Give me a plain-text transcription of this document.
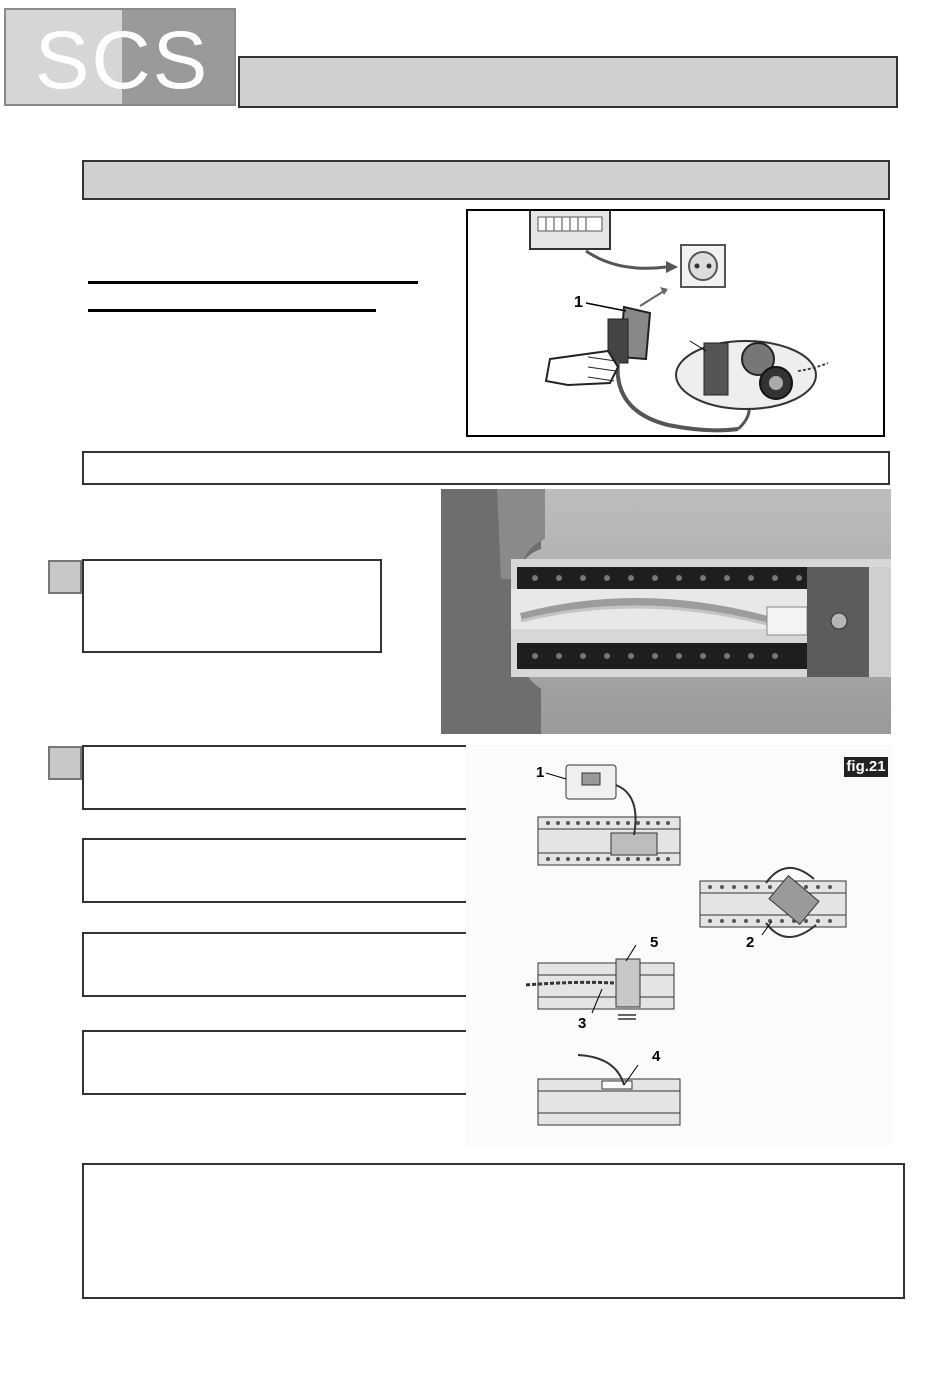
SCS
1
1
2
5
3
4
fig.21
